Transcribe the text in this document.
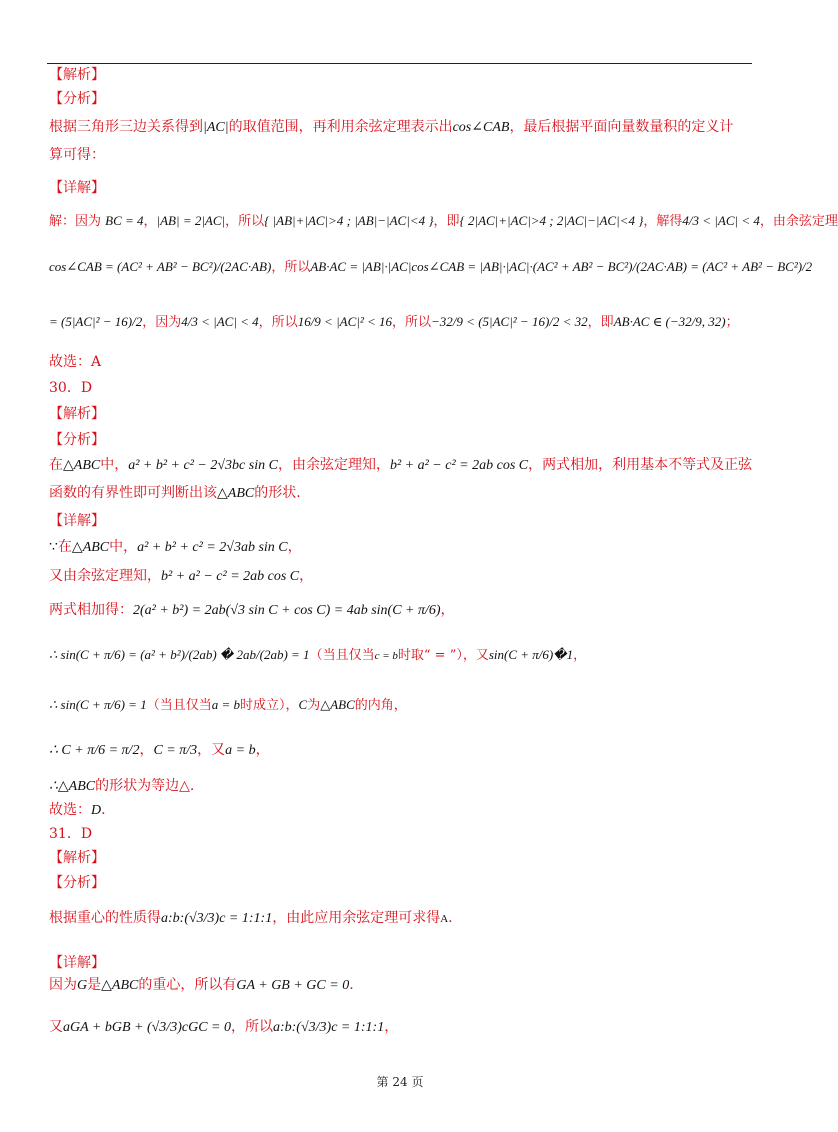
【解析】
【分析】
根据三角形三边关系得到|AC|的取值范围，再利用余弦定理表示出cos∠CAB，最后根据平面向量数量积的定义计
算可得：
【详解】
解：因为 BC = 4，|AB| = 2|AC|，所以{ |AB|+|AC|>4 ; |AB|−|AC|<4 }，即{ 2|AC|+|AC|>4 ; 2|AC|−|AC|<4 }，解得4/3 < |AC| < 4，由余弦定理
cos∠CAB = (AC² + AB² − BC²)/(2AC·AB)，所以AB·AC = |AB|·|AC|cos∠CAB = |AB|·|AC|·(AC² + AB² − BC²)/(2AC·AB) = (AC² + AB² − BC²)/2
= (5|AC|² − 16)/2，因为4/3 < |AC| < 4，所以16/9 < |AC|² < 16，所以−32/9 < (5|AC|² − 16)/2 < 32，即AB·AC ∈ (−32/9, 32)；
故选：A
30．D
【解析】
【分析】
在△ABC中，a² + b² + c² − 2√3bc sin C，由余弦定理知，b² + a² − c² = 2ab cos C，两式相加，利用基本不等式及正弦
函数的有界性即可判断出该△ABC的形状.
【详解】
∵在△ABC中，a² + b² + c² = 2√3ab sin C，
又由余弦定理知，b² + a² − c² = 2ab cos C，
两式相加得：2(a² + b²) = 2ab(√3 sin C + cos C) = 4ab sin(C + π/6)，
∴ sin(C + π/6) = (a² + b²)/(2ab) � 2ab/(2ab) = 1（当且仅当c = b时取“ = ”），又sin(C + π/6)�1，
∴ sin(C + π/6) = 1（当且仅当a = b时成立），C为△ABC的内角，
∴ C + π/6 = π/2，C = π/3，又a = b，
∴△ABC的形状为等边△.
故选：D.
31．D
【解析】
【分析】
根据重心的性质得a:b:(√3/3)c = 1:1:1，由此应用余弦定理可求得A.
【详解】
因为G是△ABC的重心，所以有GA + GB + GC = 0.
又aGA + bGB + (√3/3)cGC = 0，所以a:b:(√3/3)c = 1:1:1，
第 24 页
